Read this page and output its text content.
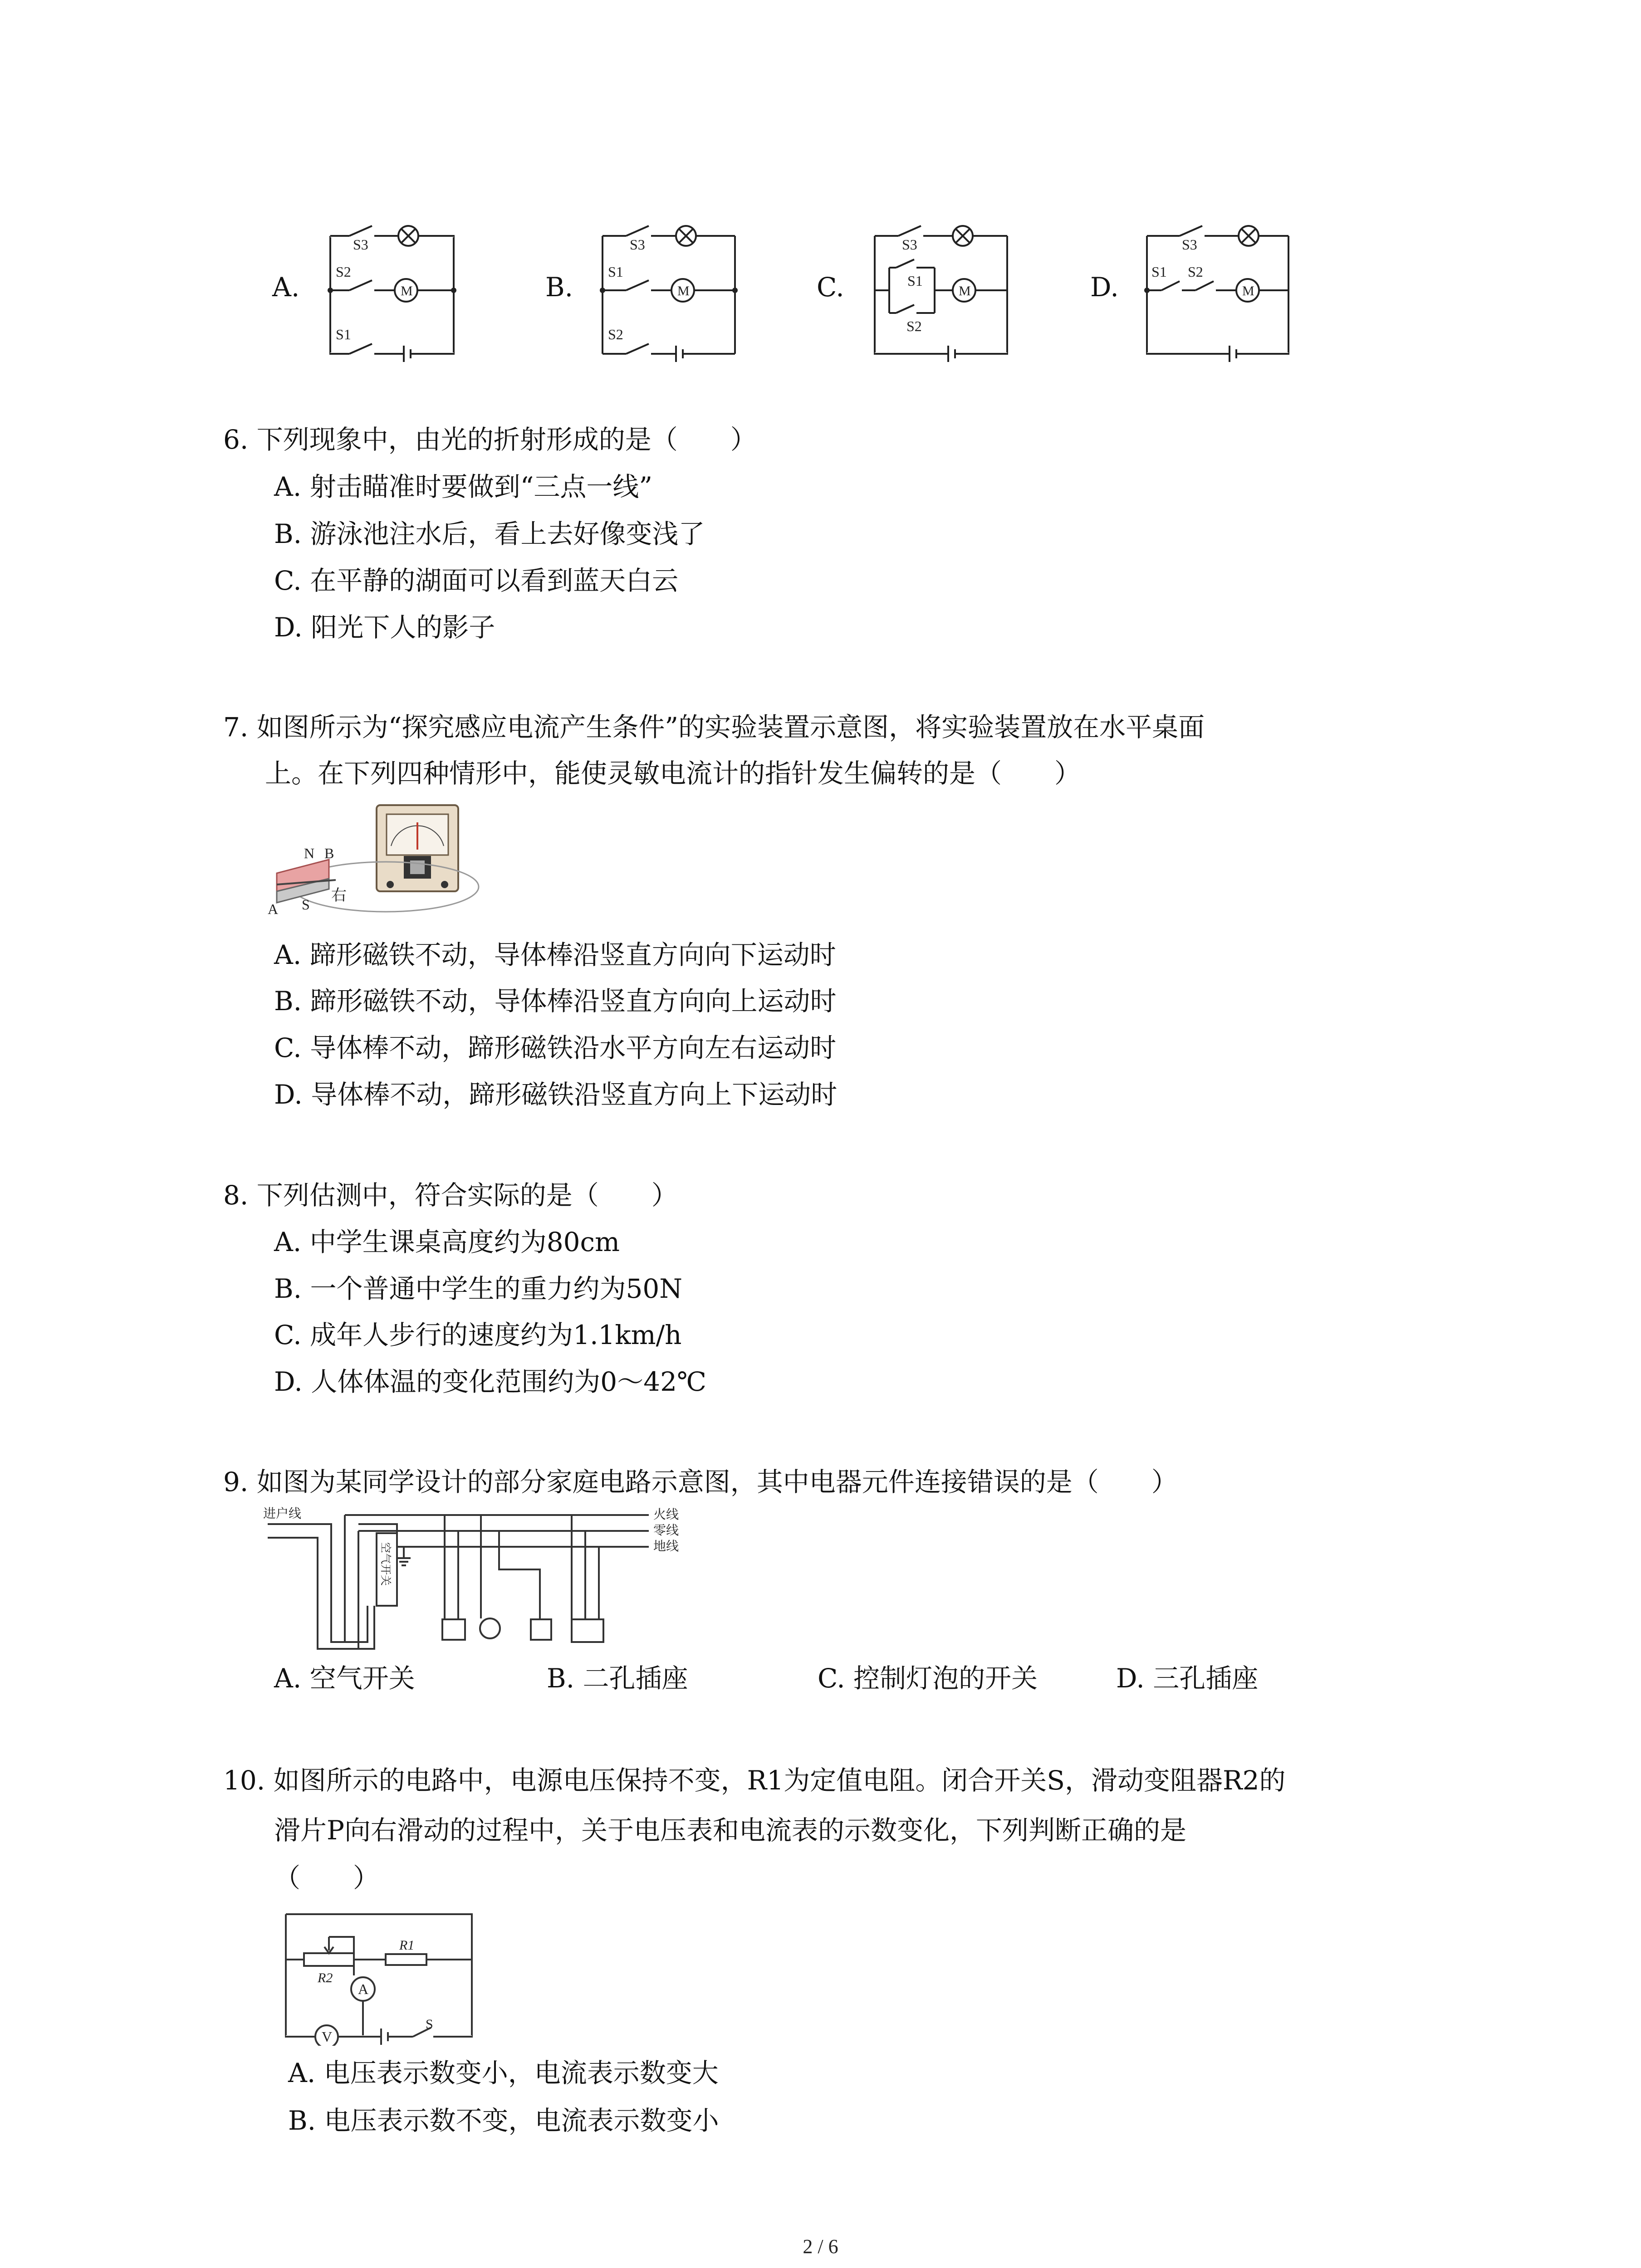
A.	B.	C.	D.
S3
S2
S1
M
S3
S1
S2
M
S3
S1
S2
M
S3
S1 S2
M
6. 下列现象中，由光的折射形成的是（　　）
A. 射击瞄准时要做到“三点一线”
B. 游泳池注水后，看上去好像变浅了
C. 在平静的湖面可以看到蓝天白云
D. 阳光下人的影子
7. 如图所示为“探究感应电流产生条件”的实验装置示意图，将实验装置放在水平桌面
上。在下列四种情形中，能使灵敏电流计的指针发生偏转的是（　　）
N B
A S
右
A. 蹄形磁铁不动，导体棒沿竖直方向向下运动时
B. 蹄形磁铁不动，导体棒沿竖直方向向上运动时
C. 导体棒不动，蹄形磁铁沿水平方向左右运动时
D. 导体棒不动，蹄形磁铁沿竖直方向上下运动时
8. 下列估测中，符合实际的是（　　）
A. 中学生课桌高度约为80cm
B. 一个普通中学生的重力约为50N
C. 成年人步行的速度约为1.1km/h
D. 人体体温的变化范围约为0～42℃
9. 如图为某同学设计的部分家庭电路示意图，其中电器元件连接错误的是（　　）
进户线	火线
零线
地线
空气开关
A. 空气开关	B. 二孔插座	C. 控制灯泡的开关	D. 三孔插座
10. 如图所示的电路中，电源电压保持不变，R1为定值电阻。闭合开关S，滑动变阻器R2的
滑片P向右滑动的过程中，关于电压表和电流表的示数变化，下列判断正确的是
（　　）
R1
R2
A
V
S
A. 电压表示数变小，电流表示数变大
B. 电压表示数不变，电流表示数变小
2 / 6
